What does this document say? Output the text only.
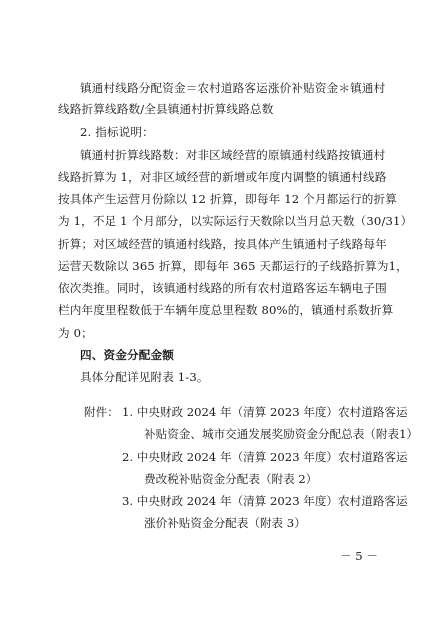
镇通村线路分配资金＝农村道路客运涨价补贴资金＊镇通村
线路折算线路数/全县镇通村折算线路总数
2. 指标说明：
镇通村折算线路数：对非区域经营的原镇通村线路按镇通村
线路折算为 1，对非区域经营的新增或年度内调整的镇通村线路
按具体产生运营月份除以 12 折算，即每年 12 个月都运行的折算
为 1，不足 1 个月部分，以实际运行天数除以当月总天数（30/31）
折算；对区域经营的镇通村线路，按具体产生镇通村子线路每年
运营天数除以 365 折算，即每年 365 天都运行的子线路折算为1，
依次类推。同时，该镇通村线路的所有农村道路客运车辆电子围
栏内年度里程数低于车辆年度总里程数 80%的，镇通村系数折算
为 0；
四、资金分配金额
具体分配详见附表 1-3。
附件： 1. 中央财政 2024 年（清算 2023 年度）农村道路客运
补贴资金、城市交通发展奖励资金分配总表（附表1）
2. 中央财政 2024 年（清算 2023 年度）农村道路客运
费改税补贴资金分配表（附表 2）
3. 中央财政 2024 年（清算 2023 年度）农村道路客运
涨价补贴资金分配表（附表 3）
－ 5 －
